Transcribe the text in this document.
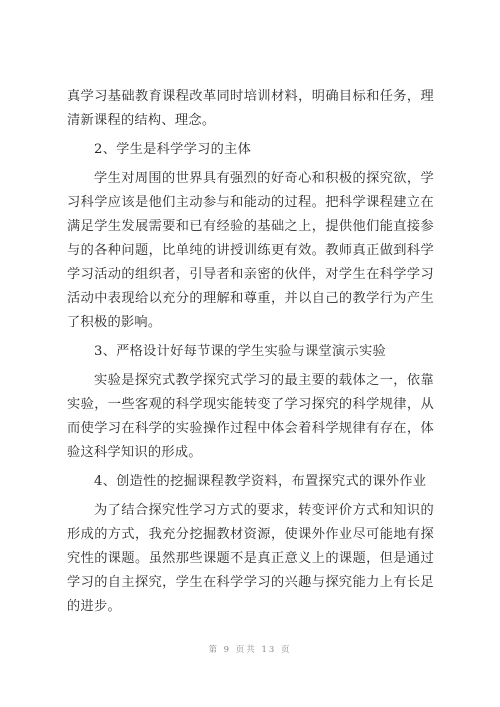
真学习基础教育课程改革同时培训材料，明确目标和任务，理清新课程的结构、理念。

2、学生是科学学习的主体

学生对周围的世界具有强烈的好奇心和积极的探究欲，学习科学应该是他们主动参与和能动的过程。把科学课程建立在满足学生发展需要和已有经验的基础之上，提供他们能直接参与的各种问题，比单纯的讲授训练更有效。教师真正做到科学学习活动的组织者，引导者和亲密的伙伴，对学生在科学学习活动中表现给以充分的理解和尊重，并以自己的教学行为产生了积极的影响。

3、严格设计好每节课的学生实验与课堂演示实验

实验是探究式教学探究式学习的最主要的载体之一，依靠实验，一些客观的科学现实能转变了学习探究的科学规律，从而使学习在科学的实验操作过程中体会着科学规律有存在，体验这科学知识的形成。

4、创造性的挖掘课程教学资料，布置探究式的课外作业

为了结合探究性学习方式的要求，转变评价方式和知识的形成的方式，我充分挖掘教材资源，使课外作业尽可能地有探究性的课题。虽然那些课题不是真正意义上的课题，但是通过学习的自主探究，学生在科学学习的兴趣与探究能力上有长足的进步。

第 9 页共 13 页
